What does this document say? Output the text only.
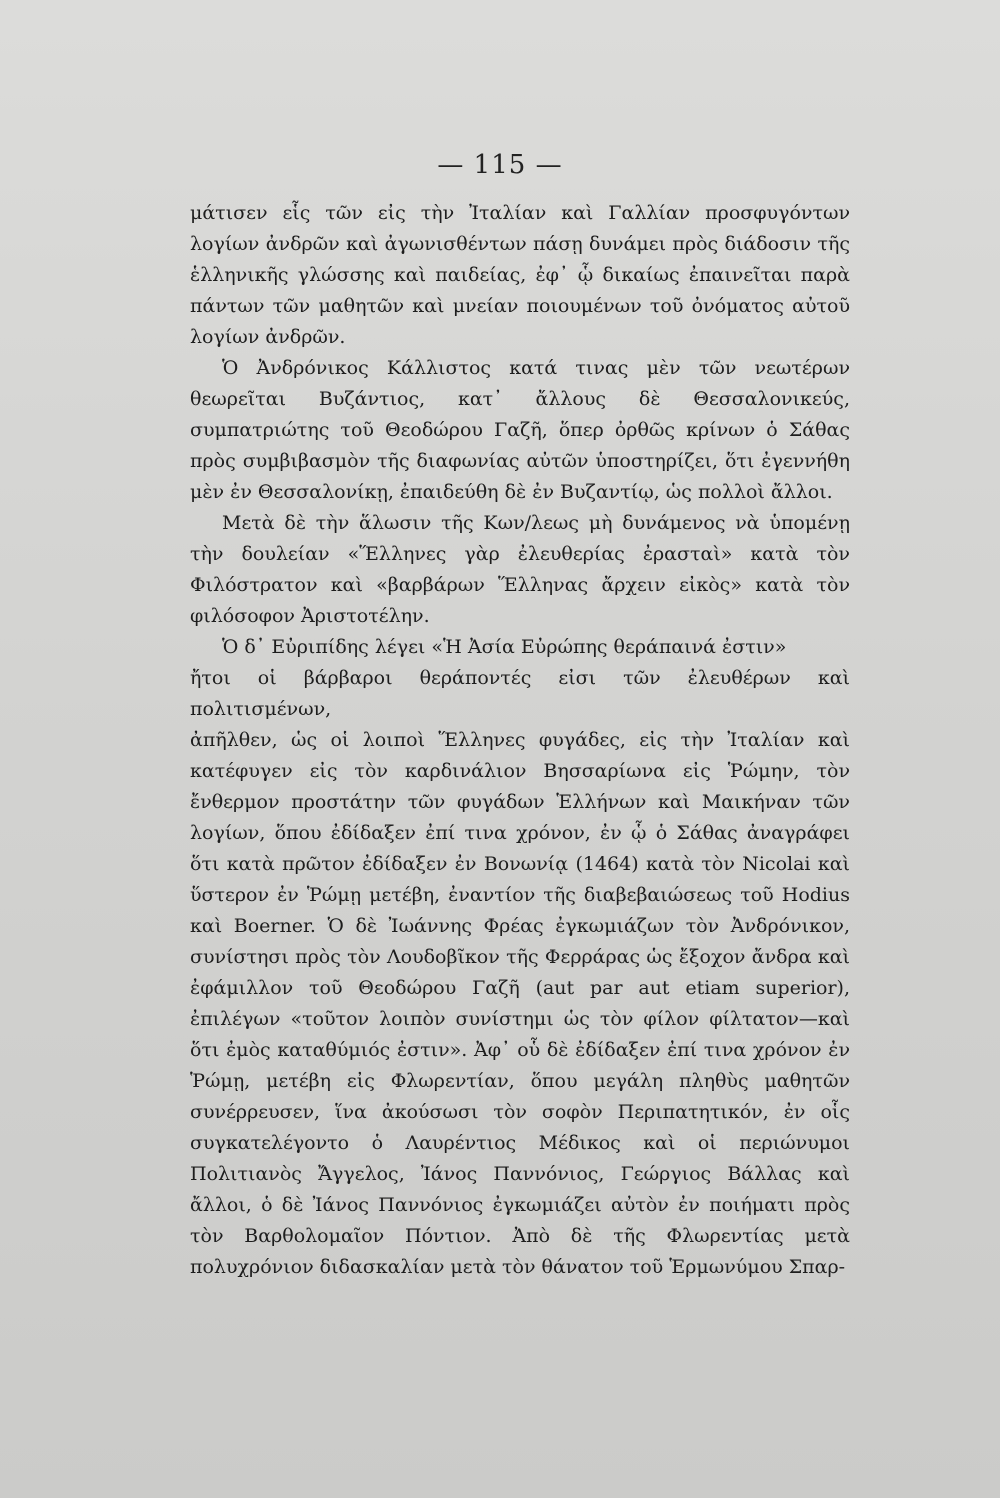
— 115 —

μάτισεν εἷς τῶν εἰς τὴν Ἰταλίαν καὶ Γαλλίαν προσφυγόντων λογίων ἀνδρῶν καὶ ἀγωνισθέντων πάσῃ δυνάμει πρὸς διάδοσιν τῆς ἑλληνικῆς γλώσσης καὶ παιδείας, ἐφ᾽ ᾧ δικαίως ἐπαινεῖται παρὰ πάντων τῶν μαθητῶν καὶ μνείαν ποιουμένων τοῦ ὀνόματος αὐτοῦ λογίων ἀνδρῶν.

Ὁ Ἀνδρόνικος Κάλλιστος κατά τινας μὲν τῶν νεωτέρων θεωρεῖται Βυζάντιος, κατ᾽ ἄλλους δὲ Θεσσαλονικεύς, συμπατριώτης τοῦ Θεοδώρου Γαζῆ, ὅπερ ὀρθῶς κρίνων ὁ Σάθας πρὸς συμβιβασμὸν τῆς διαφωνίας αὐτῶν ὑποστηρίζει, ὅτι ἐγεννήθη μὲν ἐν Θεσσαλονίκῃ, ἐπαιδεύθη δὲ ἐν Βυζαντίῳ, ὡς πολλοὶ ἄλλοι.

Μετὰ δὲ τὴν ἅλωσιν τῆς Κων/λεως μὴ δυνάμενος νὰ ὑπομένῃ τὴν δουλείαν «Ἕλληνες γὰρ ἐλευθερίας ἐρασταὶ» κατὰ τὸν Φιλόστρατον καὶ «βαρβάρων Ἕλληνας ἄρχειν εἰκὸς» κατὰ τὸν φιλόσοφον Ἀριστοτέλην.

Ὁ δ᾽ Εὐριπίδης λέγει «Ἡ Ἀσία Εὐρώπης θεράπαινά ἐστιν»

ἤτοι οἱ βάρβαροι θεράποντές εἰσι τῶν ἐλευθέρων καὶ πολιτισμένων,

ἀπῆλθεν, ὡς οἱ λοιποὶ Ἕλληνες φυγάδες, εἰς τὴν Ἰταλίαν καὶ κατέφυγεν εἰς τὸν καρδινάλιον Βησσαρίωνα εἰς Ῥώμην, τὸν ἔνθερμον προστάτην τῶν φυγάδων Ἑλλήνων καὶ Μαικήναν τῶν λογίων, ὅπου ἐδίδαξεν ἐπί τινα χρόνον, ἐν ᾧ ὁ Σάθας ἀναγράφει ὅτι κατὰ πρῶτον ἐδίδαξεν ἐν Βονωνίᾳ (1464) κατὰ τὸν Nicolai καὶ ὕστερον ἐν Ῥώμῃ μετέβη, ἐναντίον τῆς διαβεβαιώσεως τοῦ Hodius καὶ Boerner. Ὁ δὲ Ἰωάννης Φρέας ἐγκωμιάζων τὸν Ἀνδρόνικον, συνίστησι πρὸς τὸν Λουδοβῖκον τῆς Φερράρας ὡς ἔξοχον ἄνδρα καὶ ἐφάμιλλον τοῦ Θεοδώρου Γαζῆ (aut par aut etiam superior), ἐπιλέγων «τοῦτον λοιπὸν συνίστημι ὡς τὸν φίλον φίλτατον—καὶ ὅτι ἐμὸς καταθύμιός ἐστιν». Ἀφ᾽ οὗ δὲ ἐδίδαξεν ἐπί τινα χρόνον ἐν Ῥώμῃ, μετέβη εἰς Φλωρεντίαν, ὅπου μεγάλη πληθὺς μαθητῶν συνέρρευσεν, ἵνα ἀκούσωσι τὸν σοφὸν Περιπατητικόν, ἐν οἷς συγκατελέγοντο ὁ Λαυρέντιος Μέδικος καὶ οἱ περιώνυμοι Πολιτιανὸς Ἄγγελος, Ἰάνος Παννόνιος, Γεώργιος Βάλλας καὶ ἄλλοι, ὁ δὲ Ἰάνος Παννόνιος ἐγκωμιάζει αὐτὸν ἐν ποιήματι πρὸς τὸν Βαρθολομαῖον Πόντιον. Ἀπὸ δὲ τῆς Φλωρεντίας μετὰ πολυχρόνιον διδασκαλίαν μετὰ τὸν θάνατον τοῦ Ἑρμωνύμου Σπαρ-
